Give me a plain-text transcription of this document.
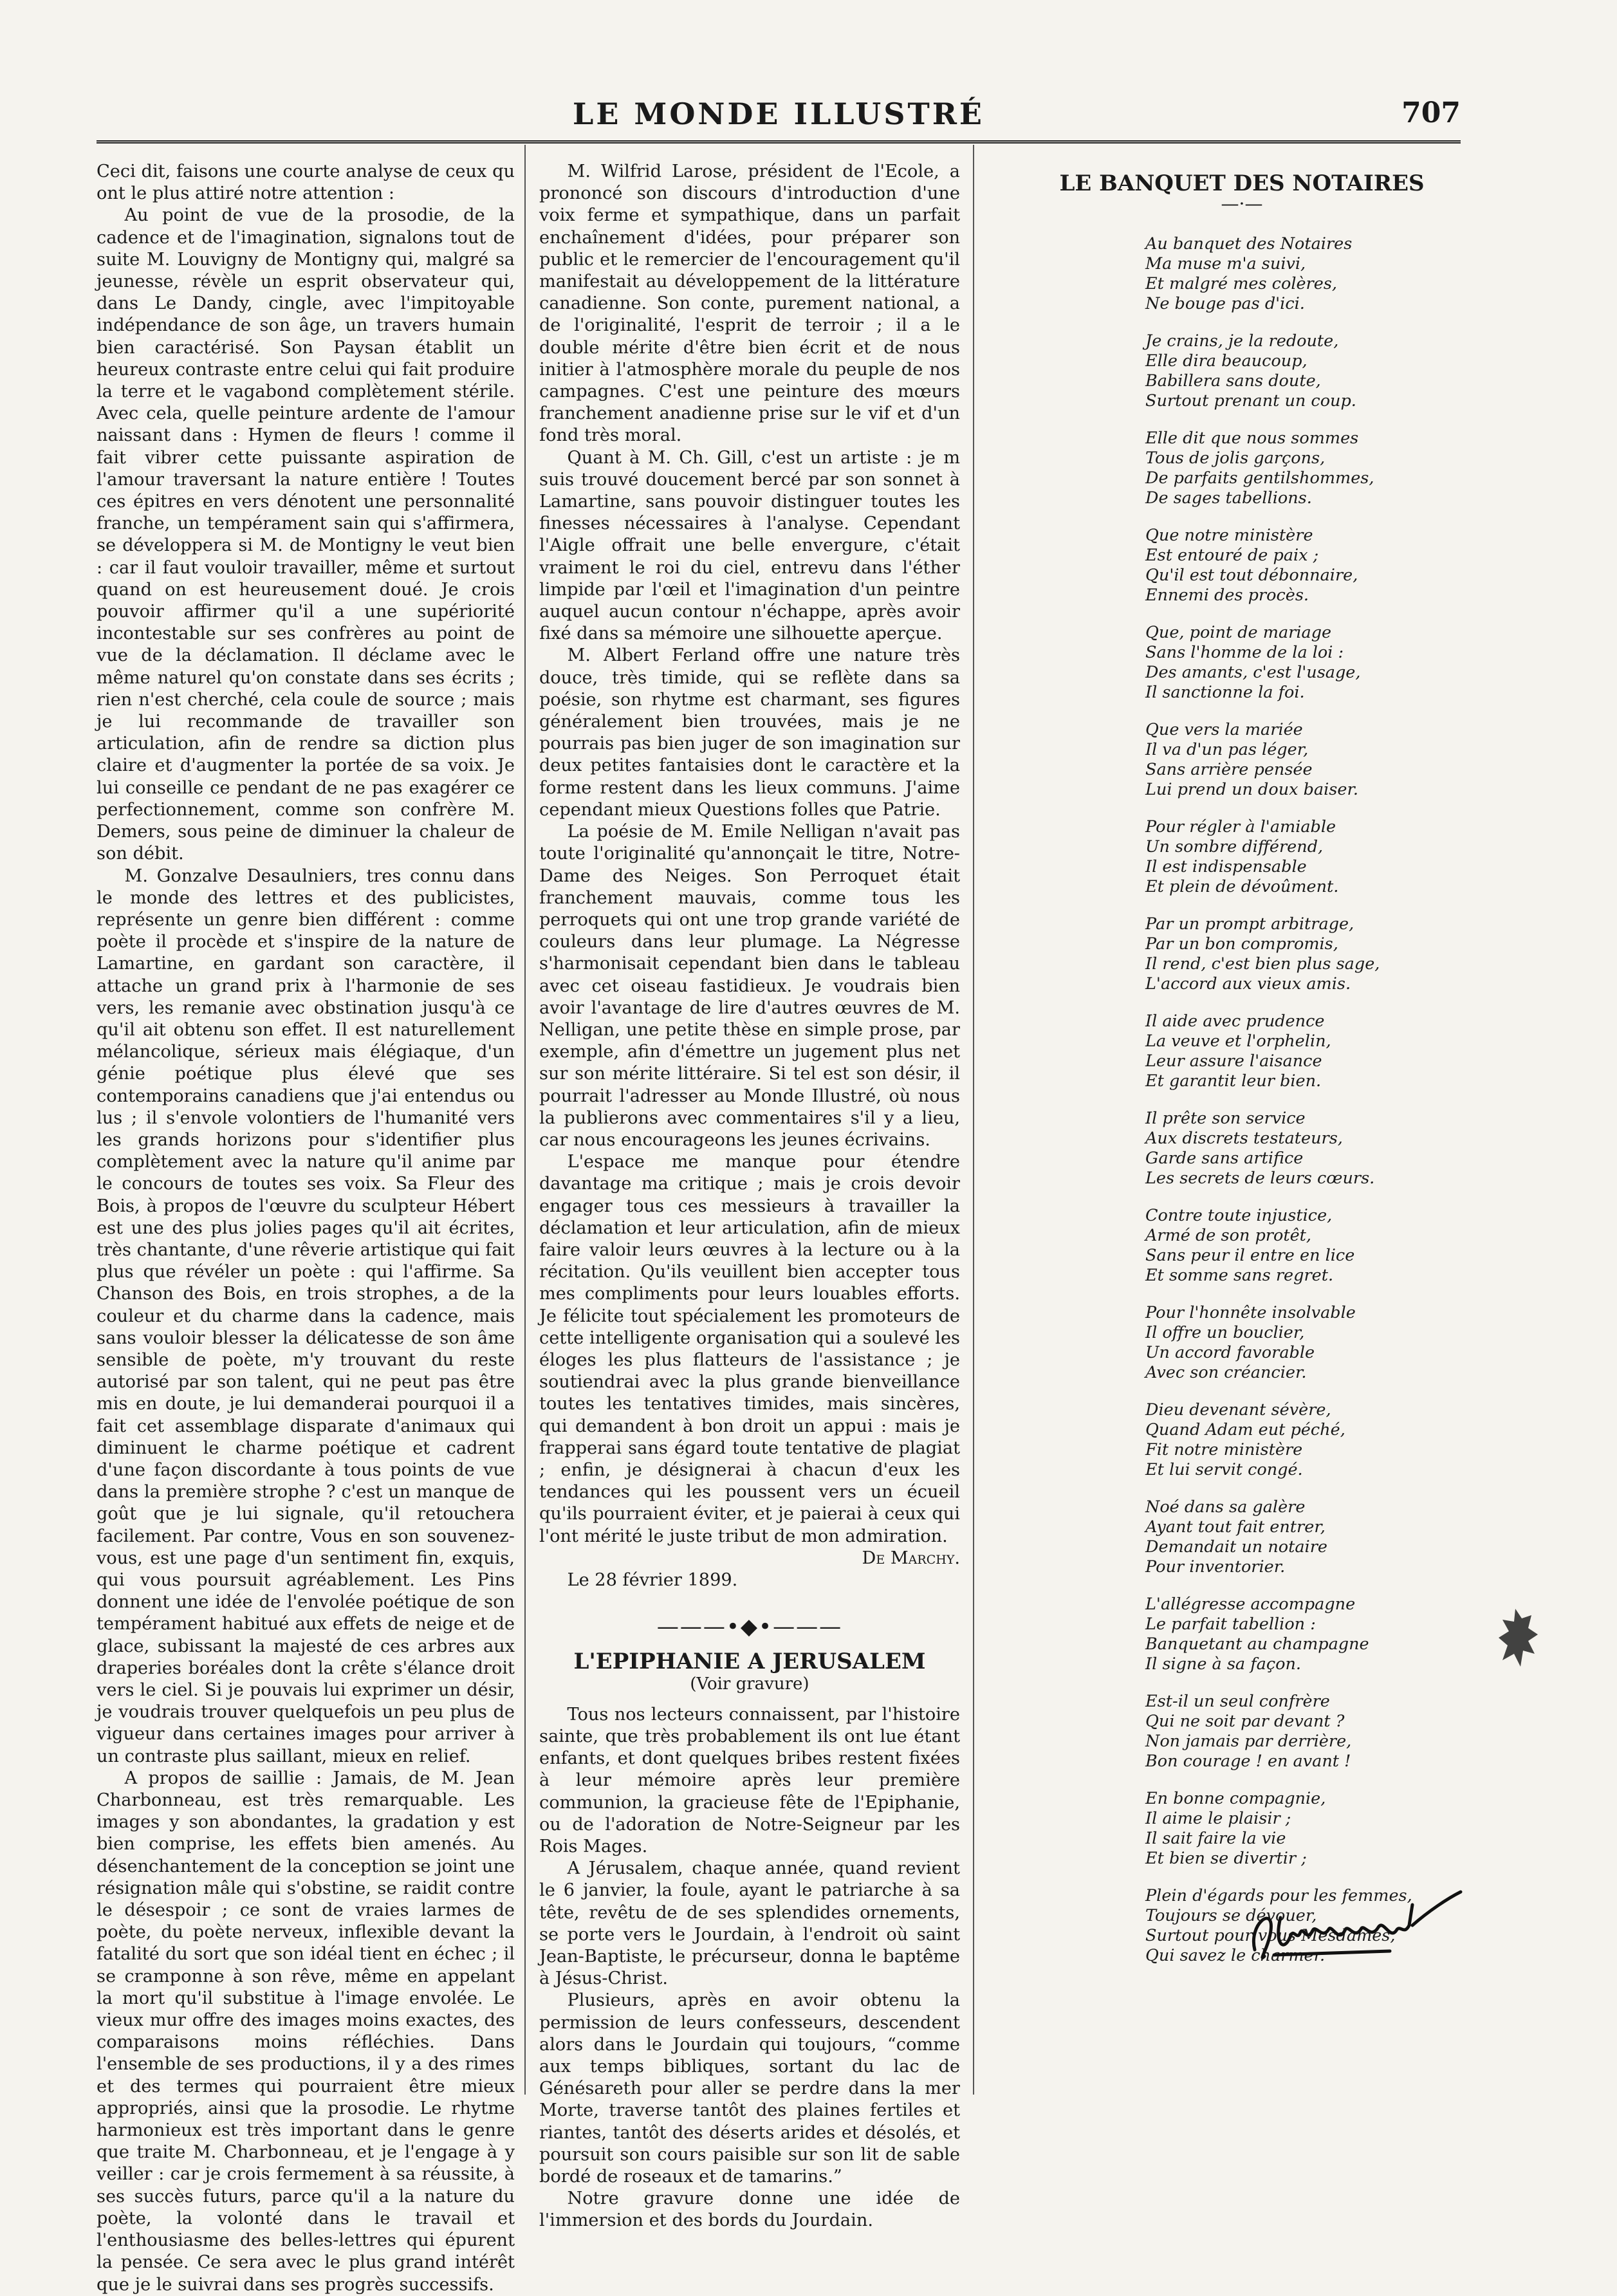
LE MONDE ILLUSTRÉ	707

Ceci dit, faisons une courte analyse de ceux qu ont le plus attiré notre attention :

Au point de vue de la prosodie, de la cadence et de l'imagination, signalons tout de suite M. Louvigny de Montigny qui, malgré sa jeunesse, révèle un esprit observateur qui, dans Le Dandy, cingle, avec l'impitoyable indépendance de son âge, un travers humain bien caractérisé. Son Paysan établit un heureux contraste entre celui qui fait produire la terre et le vagabond complètement stérile. Avec cela, quelle peinture ardente de l'amour naissant dans : Hymen de fleurs ! comme il fait vibrer cette puissante aspiration de l'amour traversant la nature entière ! Toutes ces épitres en vers dénotent une personnalité franche, un tempérament sain qui s'affirmera, se développera si M. de Montigny le veut bien : car il faut vouloir travailler, même et surtout quand on est heureusement doué. Je crois pouvoir affirmer qu'il a une supériorité incontestable sur ses confrères au point de vue de la déclamation. Il déclame avec le même naturel qu'on constate dans ses écrits ; rien n'est cherché, cela coule de source ; mais je lui recommande de travailler son articulation, afin de rendre sa diction plus claire et d'augmenter la portée de sa voix. Je lui conseille ce pendant de ne pas exagérer ce perfectionnement, comme son confrère M. Demers, sous peine de diminuer la chaleur de son débit.

M. Gonzalve Desaulniers, tres connu dans le monde des lettres et des publicistes, représente un genre bien différent : comme poète il procède et s'inspire de la nature de Lamartine, en gardant son caractère, il attache un grand prix à l'harmonie de ses vers, les remanie avec obstination jusqu'à ce qu'il ait obtenu son effet. Il est naturellement mélancolique, sérieux mais élégiaque, d'un génie poétique plus élevé que ses contemporains canadiens que j'ai entendus ou lus ; il s'envole volontiers de l'humanité vers les grands horizons pour s'identifier plus complètement avec la nature qu'il anime par le concours de toutes ses voix. Sa Fleur des Bois, à propos de l'œuvre du sculpteur Hébert est une des plus jolies pages qu'il ait écrites, très chantante, d'une rêverie artistique qui fait plus que révéler un poète : qui l'affirme. Sa Chanson des Bois, en trois strophes, a de la couleur et du charme dans la cadence, mais sans vouloir blesser la délicatesse de son âme sensible de poète, m'y trouvant du reste autorisé par son talent, qui ne peut pas être mis en doute, je lui demanderai pourquoi il a fait cet assemblage disparate d'animaux qui diminuent le charme poétique et cadrent d'une façon discordante à tous points de vue dans la première strophe ? c'est un manque de goût que je lui signale, qu'il retouchera facilement. Par contre, Vous en son souvenez-vous, est une page d'un sentiment fin, exquis, qui vous poursuit agréablement. Les Pins donnent une idée de l'envolée poétique de son tempérament habitué aux effets de neige et de glace, subissant la majesté de ces arbres aux draperies boréales dont la crête s'élance droit vers le ciel. Si je pouvais lui exprimer un désir, je voudrais trouver quelquefois un peu plus de vigueur dans certaines images pour arriver à un contraste plus saillant, mieux en relief.

A propos de saillie : Jamais, de M. Jean Charbonneau, est très remarquable. Les images y son abondantes, la gradation y est bien comprise, les effets bien amenés. Au désenchantement de la conception se joint une résignation mâle qui s'obstine, se raidit contre le désespoir ; ce sont de vraies larmes de poète, du poète nerveux, inflexible devant la fatalité du sort que son idéal tient en échec ; il se cramponne à son rêve, même en appelant la mort qu'il substitue à l'image envolée. Le vieux mur offre des images moins exactes, des comparaisons moins réfléchies. Dans l'ensemble de ses productions, il y a des rimes et des termes qui pourraient être mieux appropriés, ainsi que la prosodie. Le rhytme harmonieux est très important dans le genre que traite M. Charbonneau, et je l'engage à y veiller : car je crois fermement à sa réussite, à ses succès futurs, parce qu'il a la nature du poète, la volonté dans le travail et l'enthousiasme des belles-lettres qui épurent la pensée. Ce sera avec le plus grand intérêt que je le suivrai dans ses progrès successifs.

M. Wilfrid Larose, président de l'Ecole, a prononcé son discours d'introduction d'une voix ferme et sympathique, dans un parfait enchaînement d'idées, pour préparer son public et le remercier de l'encouragement qu'il manifestait au développement de la littérature canadienne. Son conte, purement national, a de l'originalité, l'esprit de terroir ; il a le double mérite d'être bien écrit et de nous initier à l'atmosphère morale du peuple de nos campagnes. C'est une peinture des mœurs franchement anadienne prise sur le vif et d'un fond très moral.

Quant à M. Ch. Gill, c'est un artiste : je m suis trouvé doucement bercé par son sonnet à Lamartine, sans pouvoir distinguer toutes les finesses nécessaires à l'analyse. Cependant l'Aigle offrait une belle envergure, c'était vraiment le roi du ciel, entrevu dans l'éther limpide par l'œil et l'imagination d'un peintre auquel aucun contour n'échappe, après avoir fixé dans sa mémoire une silhouette aperçue.

M. Albert Ferland offre une nature très douce, très timide, qui se reflète dans sa poésie, son rhytme est charmant, ses figures généralement bien trouvées, mais je ne pourrais pas bien juger de son imagination sur deux petites fantaisies dont le caractère et la forme restent dans les lieux communs. J'aime cependant mieux Questions folles que Patrie.

La poésie de M. Emile Nelligan n'avait pas toute l'originalité qu'annonçait le titre, Notre-Dame des Neiges. Son Perroquet était franchement mauvais, comme tous les perroquets qui ont une trop grande variété de couleurs dans leur plumage. La Négresse s'harmonisait cependant bien dans le tableau avec cet oiseau fastidieux. Je voudrais bien avoir l'avantage de lire d'autres œuvres de M. Nelligan, une petite thèse en simple prose, par exemple, afin d'émettre un jugement plus net sur son mérite littéraire. Si tel est son désir, il pourrait l'adresser au Monde Illustré, où nous la publierons avec commentaires s'il y a lieu, car nous encourageons les jeunes écrivains.

L'espace me manque pour étendre davantage ma critique ; mais je crois devoir engager tous ces messieurs à travailler la déclamation et leur articulation, afin de mieux faire valoir leurs œuvres à la lecture ou à la récitation. Qu'ils veuillent bien accepter tous mes compliments pour leurs louables efforts. Je félicite tout spécialement les promoteurs de cette intelligente organisation qui a soulevé les éloges les plus flatteurs de l'assistance ; je soutiendrai avec la plus grande bienveillance toutes les tentatives timides, mais sincères, qui demandent à bon droit un appui : mais je frapperai sans égard toute tentative de plagiat ; enfin, je désignerai à chacun d'eux les tendances qui les poussent vers un écueil qu'ils pourraient éviter, et je paierai à ceux qui l'ont mérité le juste tribut de mon admiration.

De Marchy.

Le 28 février 1899.

———•◆•———
L'EPIPHANIE A JERUSALEM
(Voir gravure)

Tous nos lecteurs connaissent, par l'histoire sainte, que très probablement ils ont lue étant enfants, et dont quelques bribes restent fixées à leur mémoire après leur première communion, la gracieuse fête de l'Epiphanie, ou de l'adoration de Notre-Seigneur par les Rois Mages.

A Jérusalem, chaque année, quand revient le 6 janvier, la foule, ayant le patriarche à sa tête, revêtu de de ses splendides ornements, se porte vers le Jourdain, à l'endroit où saint Jean-Baptiste, le précurseur, donna le baptême à Jésus-Christ.

Plusieurs, après en avoir obtenu la permission de leurs confesseurs, descendent alors dans le Jourdain qui toujours, “comme aux temps bibliques, sortant du lac de Génésareth pour aller se perdre dans la mer Morte, traverse tantôt des plaines fertiles et riantes, tantôt des déserts arides et désolés, et poursuit son cours paisible sur son lit de sable bordé de roseaux et de tamarins.”

Notre gravure donne une idée de l'immersion et des bords du Jourdain.

LE BANQUET DES NOTAIRES
—·—
Au banquet des Notaires
Ma muse m'a suivi,
Et malgré mes colères,
Ne bouge pas d'ici.
Je crains, je la redoute,
Elle dira beaucoup,
Babillera sans doute,
Surtout prenant un coup.
Elle dit que nous sommes
Tous de jolis garçons,
De parfaits gentilshommes,
De sages tabellions.
Que notre ministère
Est entouré de paix ;
Qu'il est tout débonnaire,
Ennemi des procès.
Que, point de mariage
Sans l'homme de la loi :
Des amants, c'est l'usage,
Il sanctionne la foi.
Que vers la mariée
Il va d'un pas léger,
Sans arrière pensée
Lui prend un doux baiser.
Pour régler à l'amiable
Un sombre différend,
Il est indispensable
Et plein de dévoûment.
Par un prompt arbitrage,
Par un bon compromis,
Il rend, c'est bien plus sage,
L'accord aux vieux amis.
Il aide avec prudence
La veuve et l'orphelin,
Leur assure l'aisance
Et garantit leur bien.
Il prête son service
Aux discrets testateurs,
Garde sans artifice
Les secrets de leurs cœurs.
Contre toute injustice,
Armé de son protêt,
Sans peur il entre en lice
Et somme sans regret.
Pour l'honnête insolvable
Il offre un bouclier,
Un accord favorable
Avec son créancier.
Dieu devenant sévère,
Quand Adam eut péché,
Fit notre ministère
Et lui servit congé.
Noé dans sa galère
Ayant tout fait entrer,
Demandait un notaire
Pour inventorier.
L'allégresse accompagne
Le parfait tabellion :
Banquetant au champagne
Il signe à sa façon.
Est-il un seul confrère
Qui ne soit par devant ?
Non jamais par derrière,
Bon courage ! en avant !
En bonne compagnie,
Il aime le plaisir ;
Il sait faire la vie
Et bien se divertir ;
Plein d'égards pour les femmes,
Toujours se dévouer,
Surtout pour vous Mesdames,
Qui savez le charmer.
